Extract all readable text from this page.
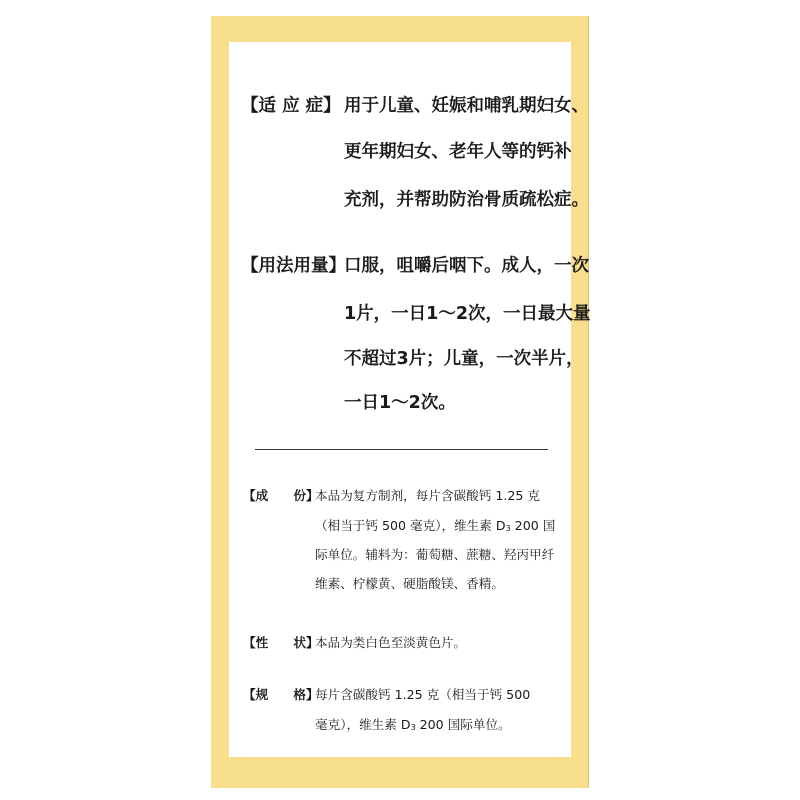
【适 应 症】 用于儿童、妊娠和哺乳期妇女、
更年期妇女、老年人等的钙补
充剂，并帮助防治骨质疏松症。
【用法用量】
口服，咀嚼后咽下。成人，一次
1片，一日1～2次，一日最大量
不超过3片；儿童，一次半片，
一日1～2次。
【成　　份】
本品为复方制剂，每片含碳酸钙 1.25 克
（相当于钙 500 毫克），维生素 D3 200 国
际单位。辅料为：葡萄糖、蔗糖、羟丙甲纤
维素、柠檬黄、硬脂酸镁、香精。
【性　　状】
本品为类白色至淡黄色片。
【规　　格】
每片含碳酸钙 1.25 克（相当于钙 500
毫克），维生素 D3 200 国际单位。
